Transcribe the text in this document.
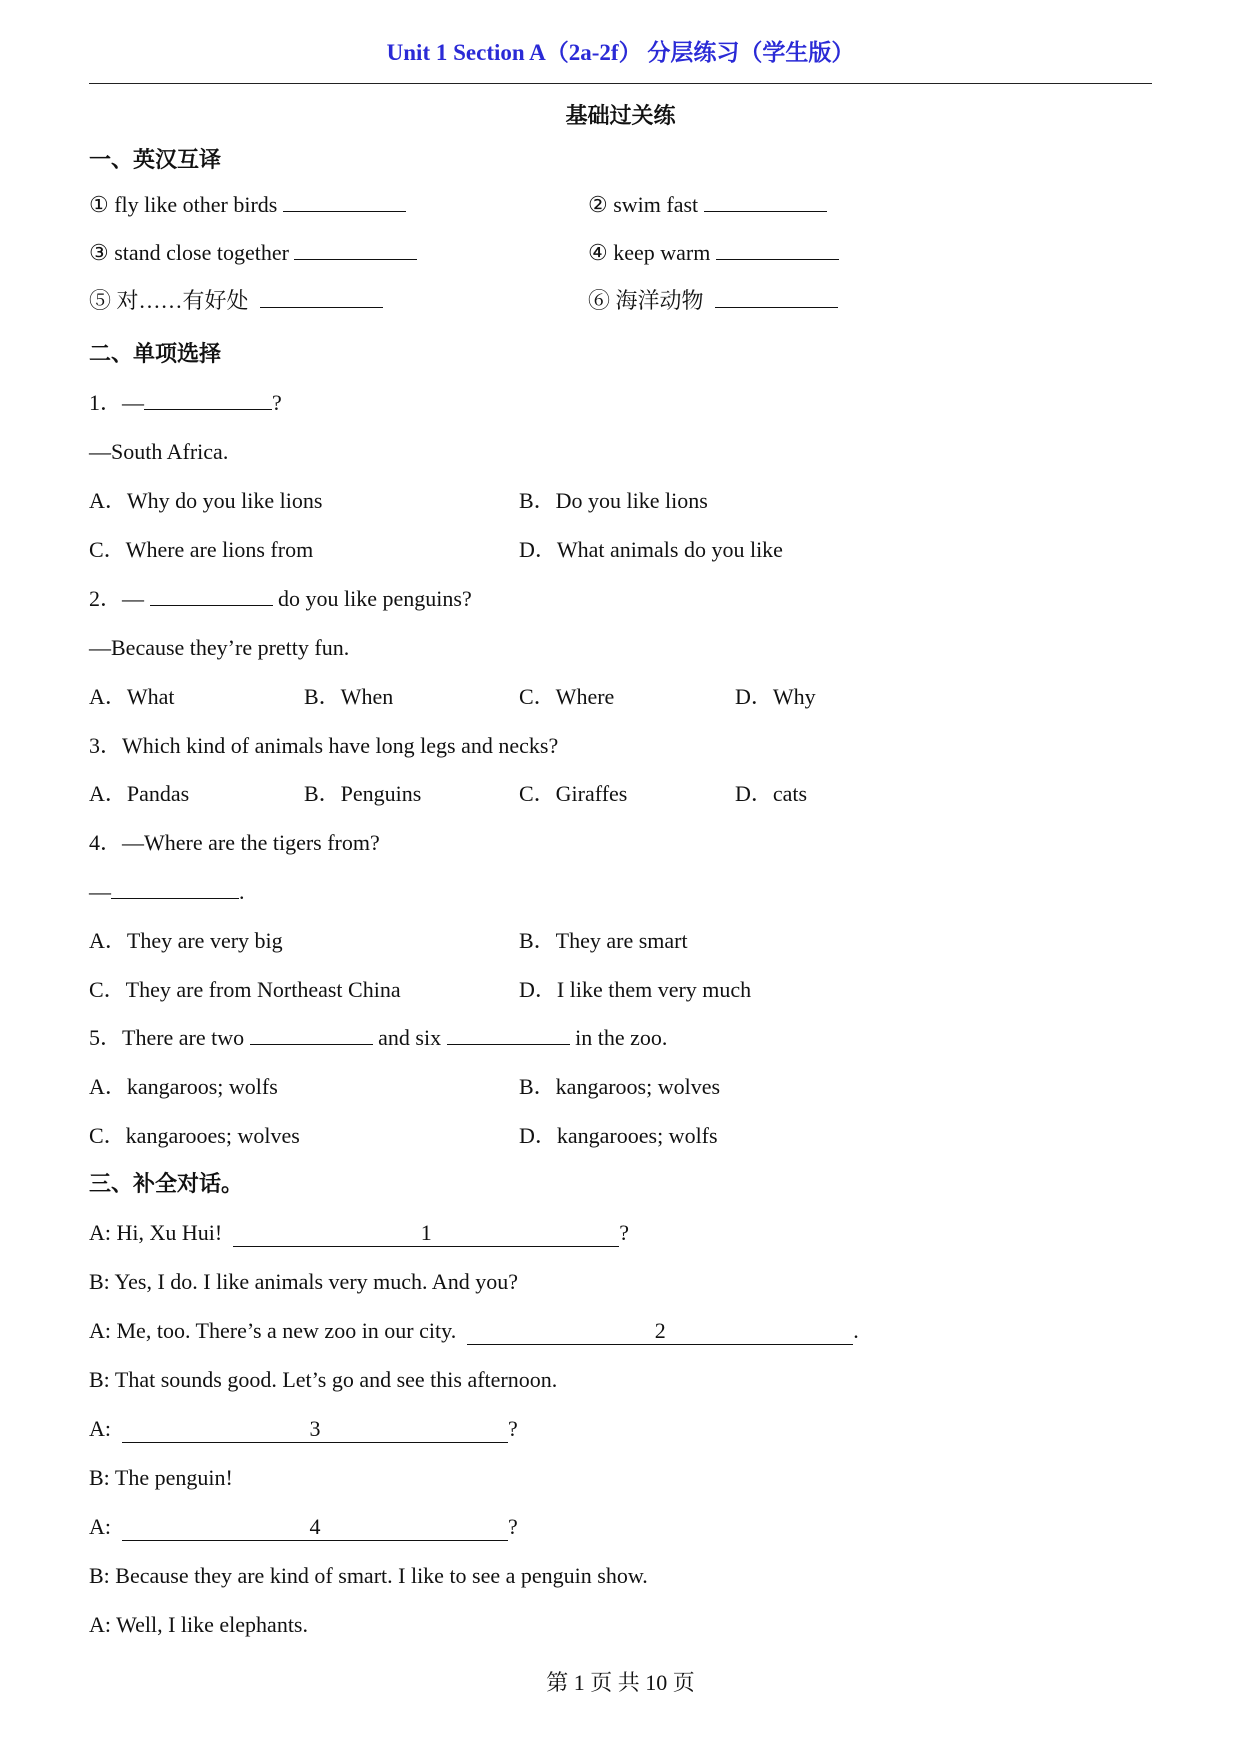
Unit 1 Section A（2a-2f） 分层练习（学生版）
基础过关练
一、英汉互译
① fly like other birds	② swim fast
③ stand close together	④ keep warm
⑤ 对……有好处	⑥ 海洋动物
二、单项选择
1．—	?
—South Africa.
A．Why do you like lions	B．Do you like lions
C．Where are lions from	D．What animals do you like
2．—	do you like penguins?
—Because they’re pretty fun.
A．What	B．When	C．Where	D．Why
3．Which kind of animals have long legs and necks?
A．Pandas	B．Penguins	C．Giraffes	D．cats
4．—Where are the tigers from?
—	.
A．They are very big	B．They are smart
C．They are from Northeast China	D．I like them very much
5．There are two	and six	in the zoo.
A．kangaroos; wolfs	B．kangaroos; wolves
C．kangarooes; wolves	D．kangarooes; wolfs
三、补全对话。
A: Hi, Xu Hui!	1	?
B: Yes, I do. I like animals very much. And you?
A: Me, too. There’s a new zoo in our city.	2	.
B: That sounds good. Let’s go and see this afternoon.
A:	3	?
B: The penguin!
A:	4	?
B: Because they are kind of smart. I like to see a penguin show.
A: Well, I like elephants.
第 1 页 共 10 页
